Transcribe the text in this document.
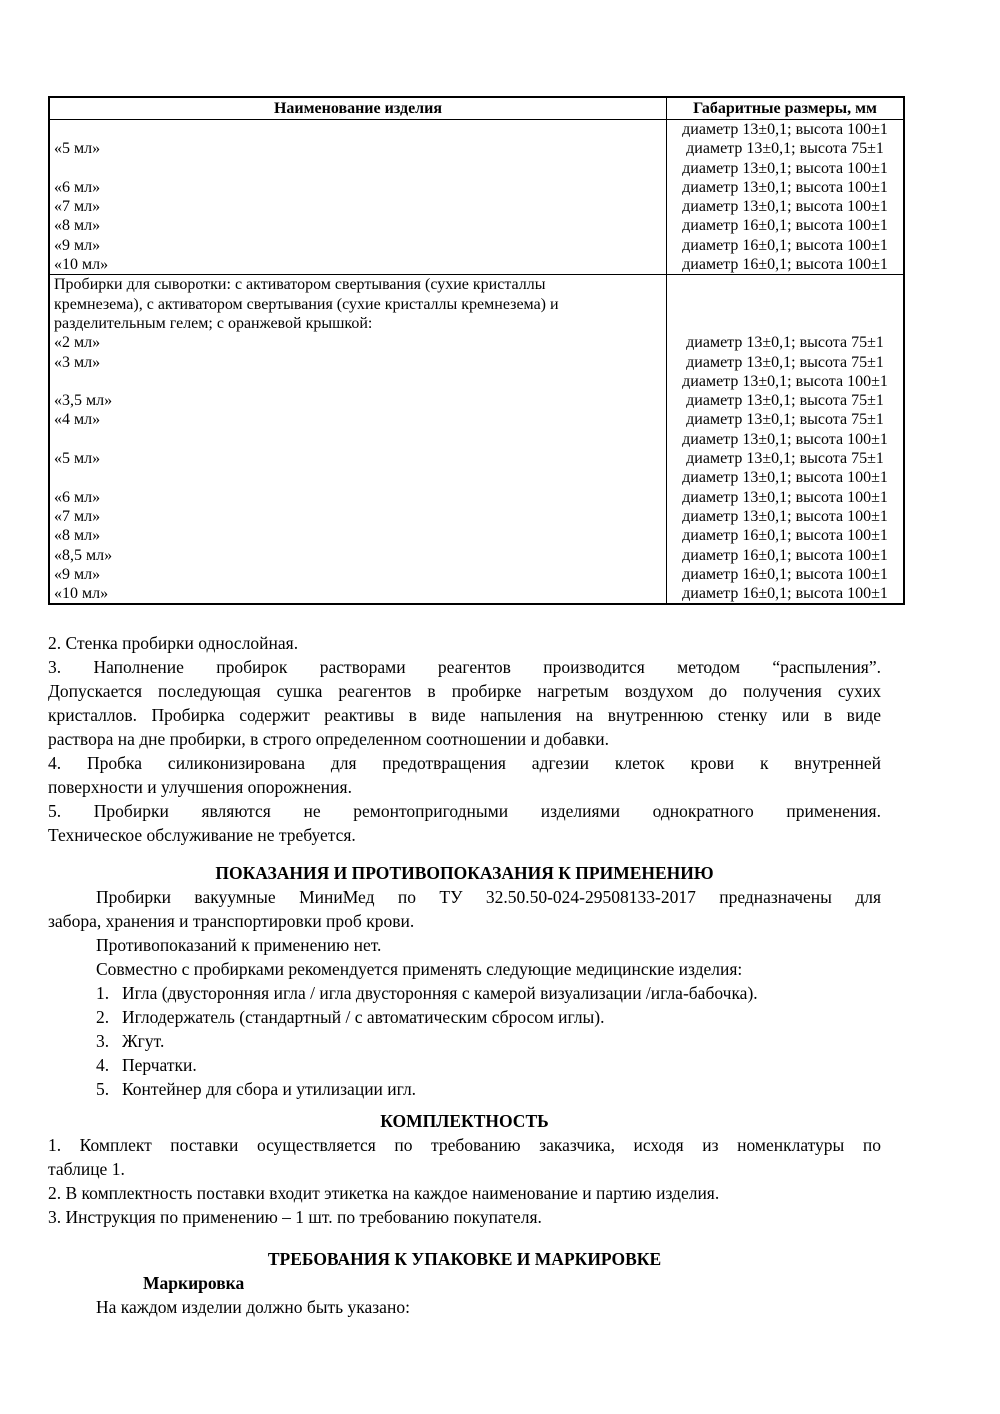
Наименование изделия	Габаритные размеры, мм

«5 мл»

«6 мл»
«7 мл»
«8 мл»
«9 мл»
«10 мл»
диаметр 13±0,1; высота 100±1
диаметр 13±0,1; высота 75±1
диаметр 13±0,1; высота 100±1
диаметр 13±0,1; высота 100±1
диаметр 13±0,1; высота 100±1
диаметр 16±0,1; высота 100±1
диаметр 16±0,1; высота 100±1
диаметр 16±0,1; высота 100±1
Пробирки для сыворотки: с активатором свертывания (сухие кристаллы
кремнезема), с активатором свертывания (сухие кристаллы кремнезема) и
разделительным гелем; с оранжевой крышкой:
«2 мл»
«3 мл»

«3,5 мл»
«4 мл»

«5 мл»

«6 мл»
«7 мл»
«8 мл»
«8,5 мл»
«9 мл»
«10 мл»
диаметр 13±0,1; высота 75±1
диаметр 13±0,1; высота 75±1
диаметр 13±0,1; высота 100±1
диаметр 13±0,1; высота 75±1
диаметр 13±0,1; высота 75±1
диаметр 13±0,1; высота 100±1
диаметр 13±0,1; высота 75±1
диаметр 13±0,1; высота 100±1
диаметр 13±0,1; высота 100±1
диаметр 13±0,1; высота 100±1
диаметр 16±0,1; высота 100±1
диаметр 16±0,1; высота 100±1
диаметр 16±0,1; высота 100±1
диаметр 16±0,1; высота 100±1
2. Стенка пробирки однослойная.
3. Наполнение пробирок растворами реагентов производится методом “распыления”.
Допускается последующая сушка реагентов в пробирке нагретым воздухом до получения сухих
кристаллов. Пробирка содержит реактивы в виде напыления на внутреннюю стенку или в виде
раствора на дне пробирки, в строго определенном соотношении и добавки.
4. Пробка силиконизирована для предотвращения адгезии клеток крови к внутренней
поверхности и улучшения опорожнения.
5. Пробирки являются не ремонтопригодными изделиями однократного применения.
Техническое обслуживание не требуется.
ПОКАЗАНИЯ И ПРОТИВОПОКАЗАНИЯ К ПРИМЕНЕНИЮ
Пробирки вакуумные МиниМед по ТУ 32.50.50-024-29508133-2017 предназначены для
забора, хранения и транспортировки проб крови.
Противопоказаний к применению нет.
Совместно с пробирками рекомендуется применять следующие медицинские изделия:
1. Игла (двусторонняя игла / игла двусторонняя с камерой визуализации /игла-бабочка).
2. Иглодержатель (стандартный / с автоматическим сбросом иглы).
3. Жгут.
4. Перчатки.
5. Контейнер для сбора и утилизации игл.
КОМПЛЕКТНОСТЬ
1. Комплект поставки осуществляется по требованию заказчика, исходя из номенклатуры по
таблице 1.
2. В комплектность поставки входит этикетка на каждое наименование и партию изделия.
3. Инструкция по применению – 1 шт. по требованию покупателя.
ТРЕБОВАНИЯ К УПАКОВКЕ И МАРКИРОВКЕ
Маркировка
На каждом изделии должно быть указано:
